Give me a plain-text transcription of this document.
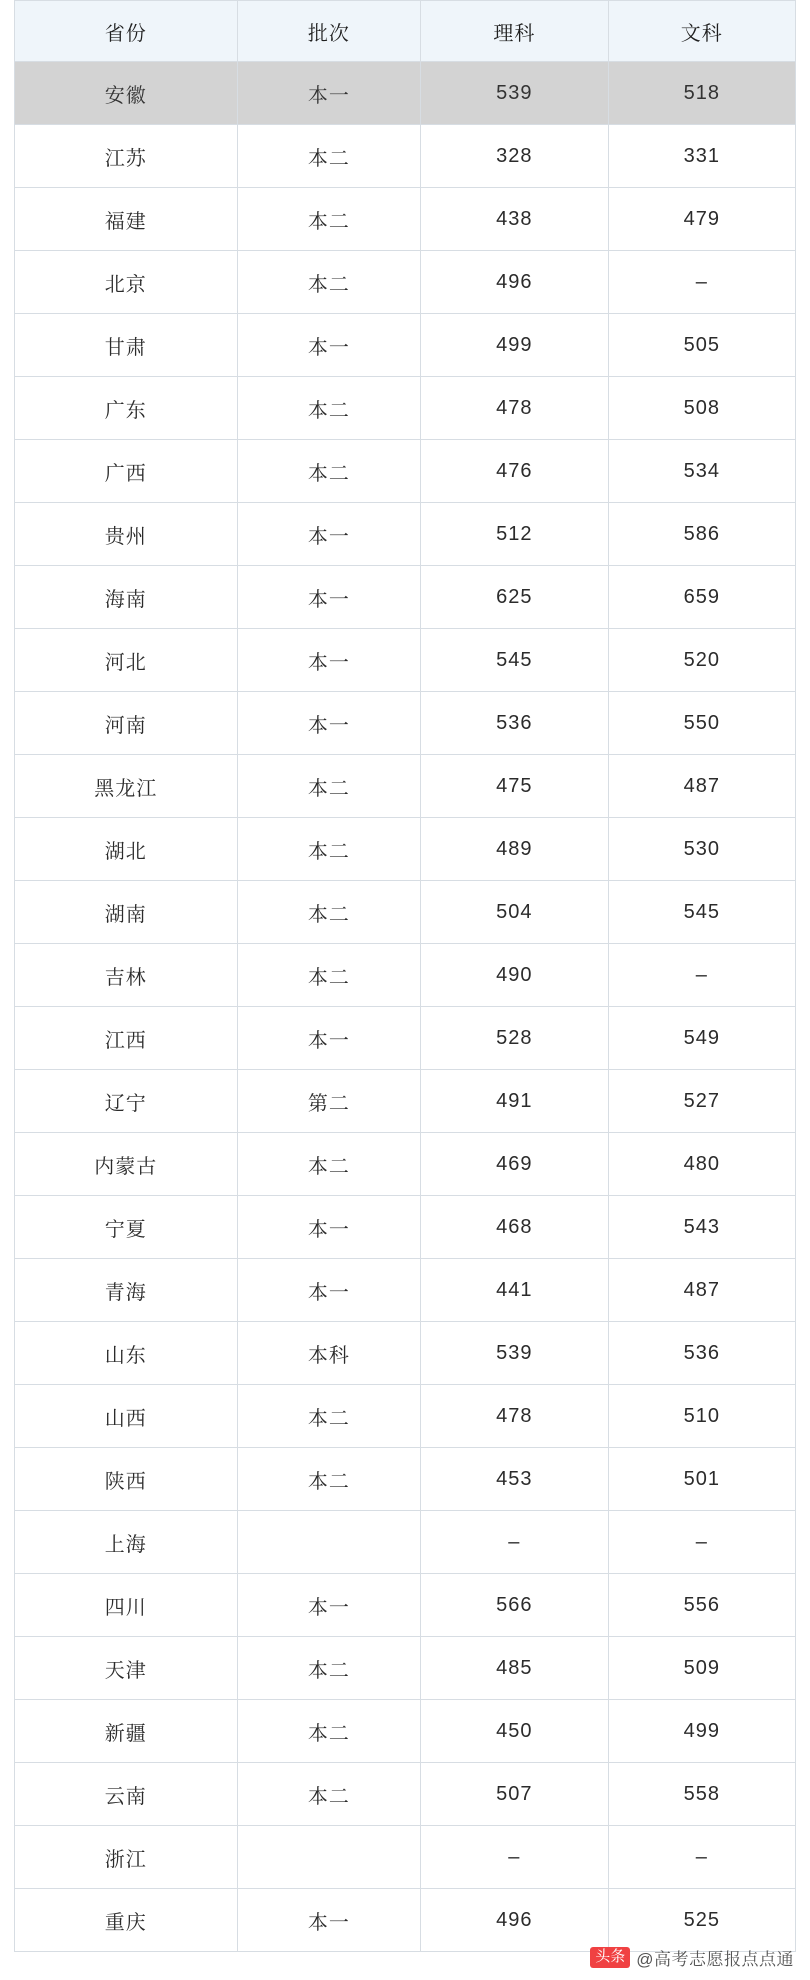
省份	批次	理科	文科
安徽	本一	539	518
江苏	本二	328	331
福建	本二	438	479
北京	本二	496	–
甘肃	本一	499	505
广东	本二	478	508
广西	本二	476	534
贵州	本一	512	586
海南	本一	625	659
河北	本一	545	520
河南	本一	536	550
黑龙江	本二	475	487
湖北	本二	489	530
湖南	本二	504	545
吉林	本二	490	–
江西	本一	528	549
辽宁	第二	491	527
内蒙古	本二	469	480
宁夏	本一	468	543
青海	本一	441	487
山东	本科	539	536
山西	本二	478	510
陕西	本二	453	501
上海		–	–
四川	本一	566	556
天津	本二	485	509
新疆	本二	450	499
云南	本二	507	558
浙江		–	–
重庆	本一	496	525
头条 @高考志愿报点点通
